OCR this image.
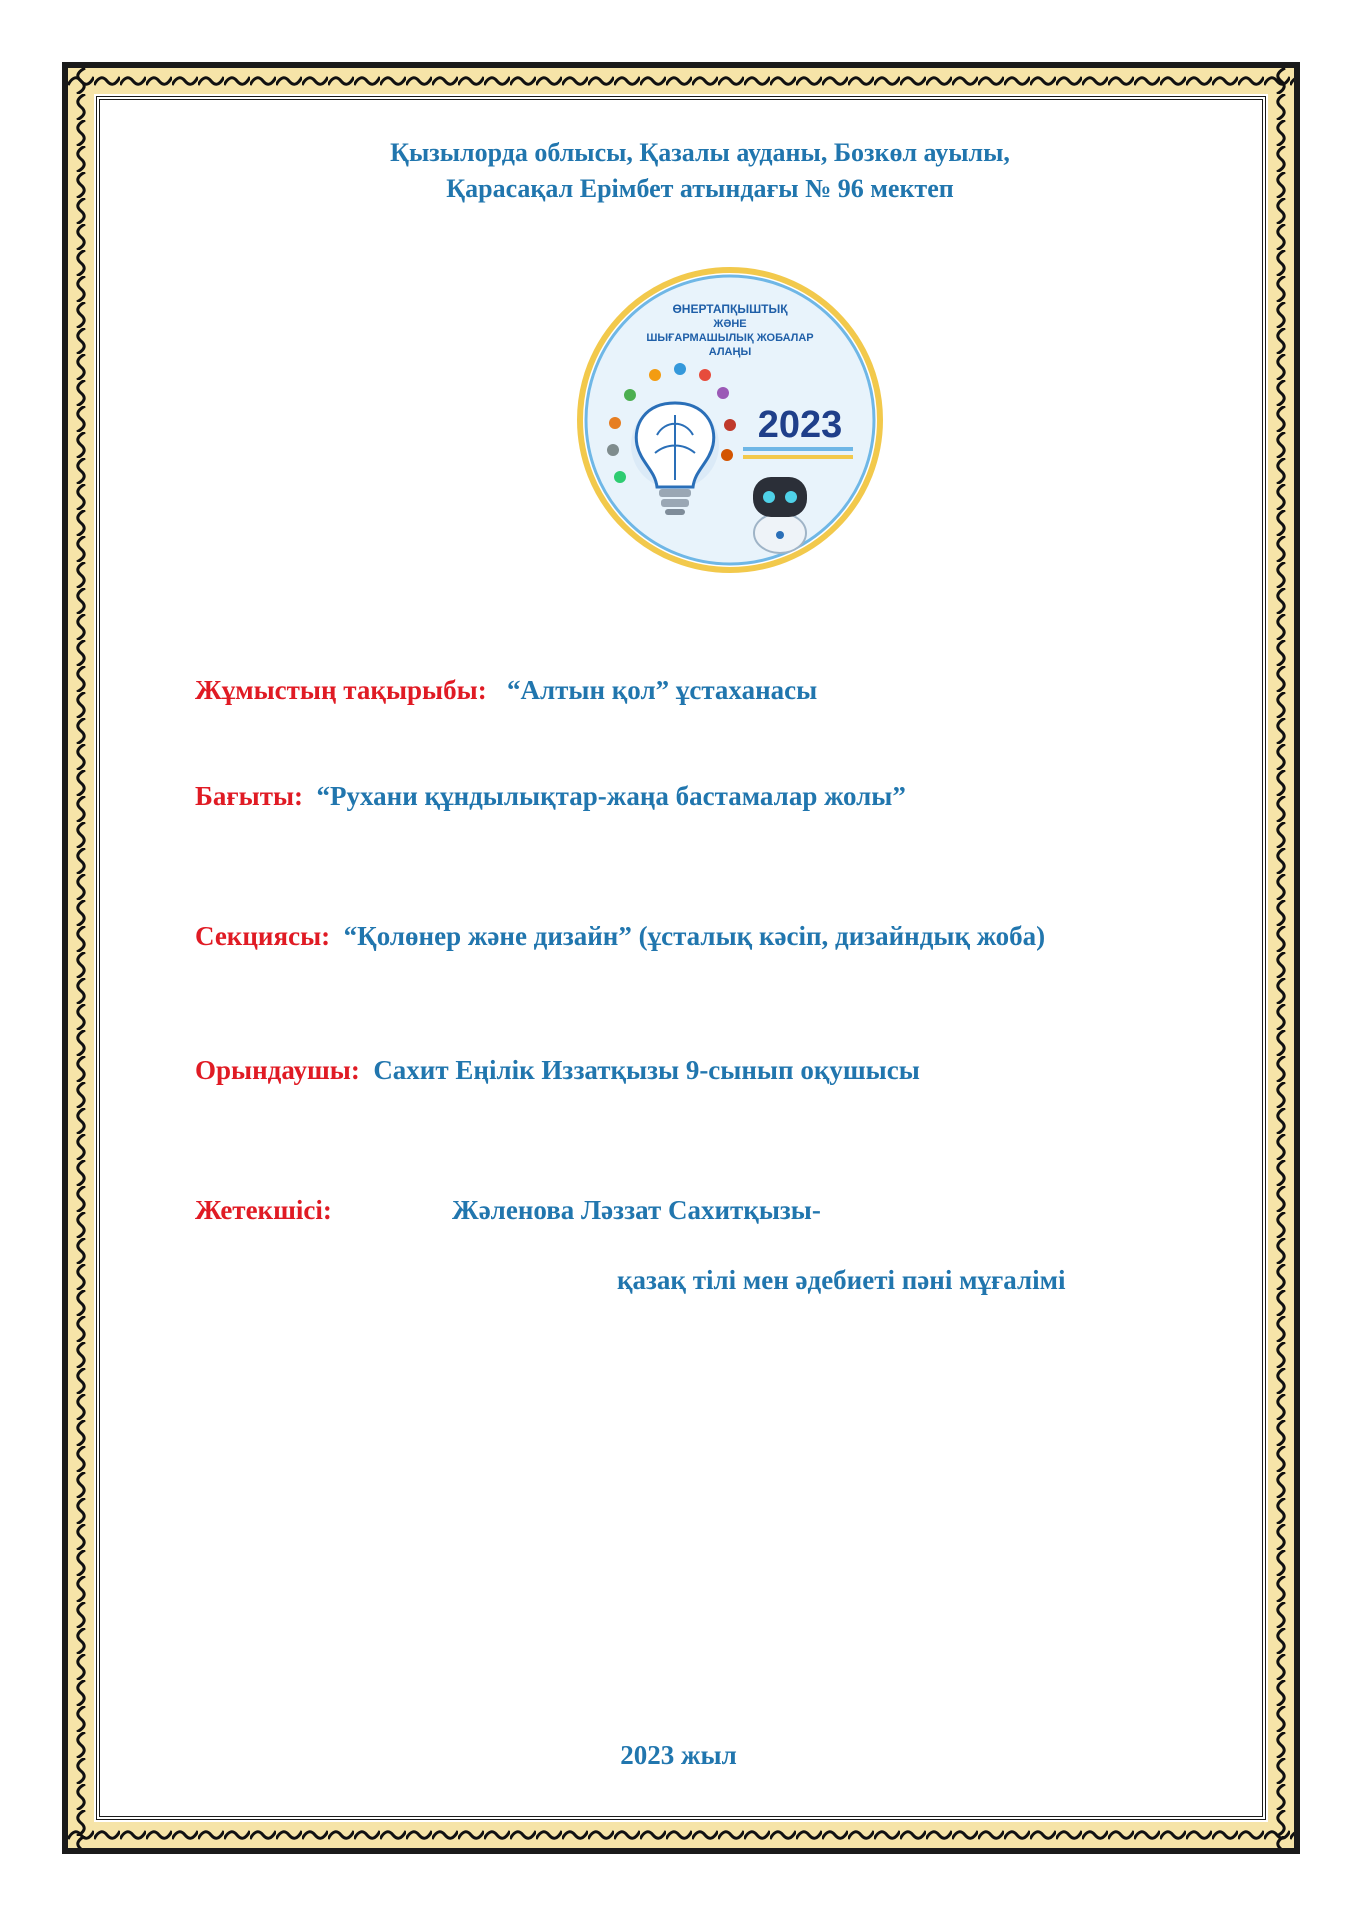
Қызылорда облысы, Қазалы ауданы, Бозкөл ауылы,
Қарасақал Ерімбет атындағы № 96 мектеп
ӨНЕРТАПҚЫШТЫҚ
ЖӘНЕ
ШЫҒАРМАШЫЛЫҚ ЖОБАЛАР
АЛАҢЫ
2023
Жұмыстың тақырыбы: “Алтын қол” ұстаханасы
Бағыты: “Рухани құндылықтар-жаңа бастамалар жолы”
Секциясы: “Қолөнер және дизайн” (ұсталық кәсіп, дизайндық жоба)
Орындаушы: Сахит Еңілік Иззатқызы 9-сынып оқушысы
Жетекшісі:	Жәленова Ләззат Сахитқызы-
қазақ тілі мен әдебиеті пәні мұғалімі
2023 жыл
